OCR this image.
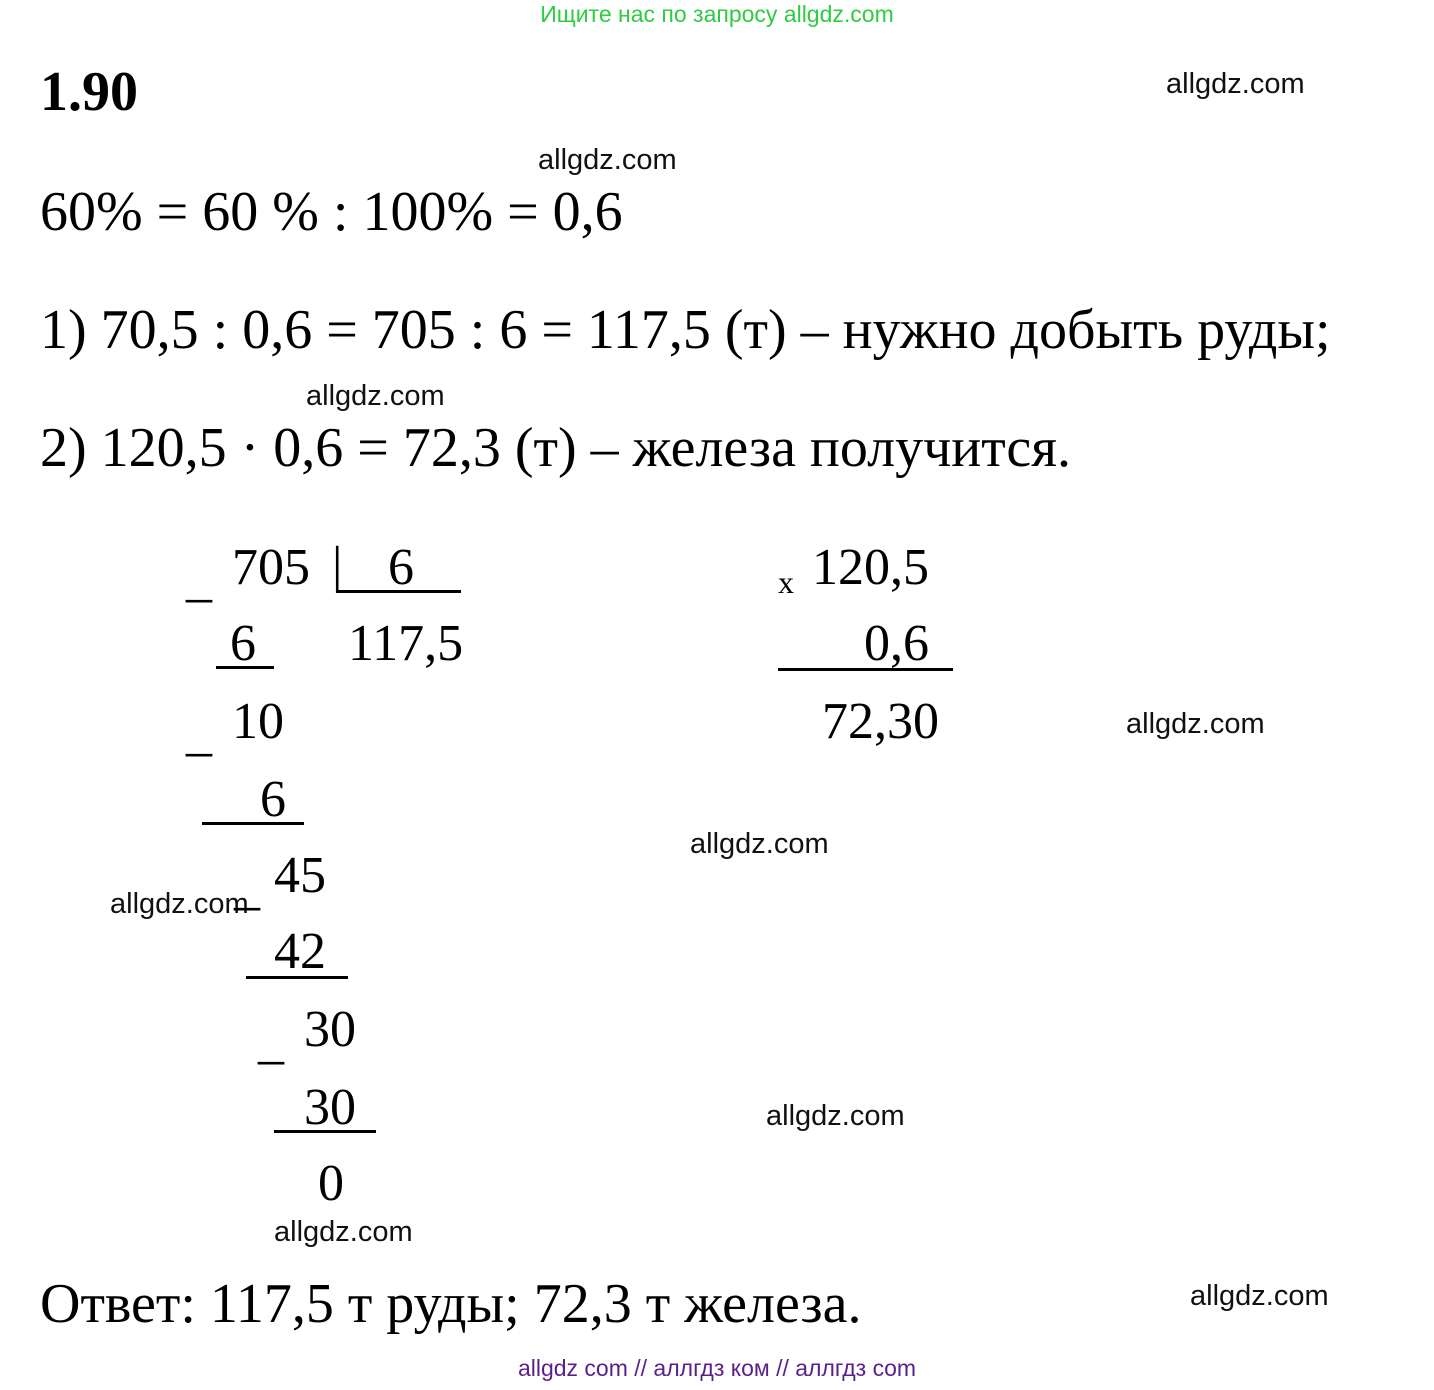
Ищите нас по запросу allgdz.com
1.90	allgdz.com
allgdz.com
allgdz.com
allgdz.com
allgdz.com
allgdz.com
allgdz.com
allgdz.com
allgdz.com
60% = 60 % : 100% = 0,6
1) 70,5 : 0,6 = 705 : 6 = 117,5 (т) – нужно добыть руды;
2) 120,5 · 0,6 = 72,3 (т) – железа получится.
_ 705 | 6
117,5
6
_ 10
6
_ 45
42
_ 30
30
0
x 120,5
0,6
72,30
Ответ: 117,5 т руды; 72,3 т железа.
allgdz com // аллгдз ком // аллгдз com
